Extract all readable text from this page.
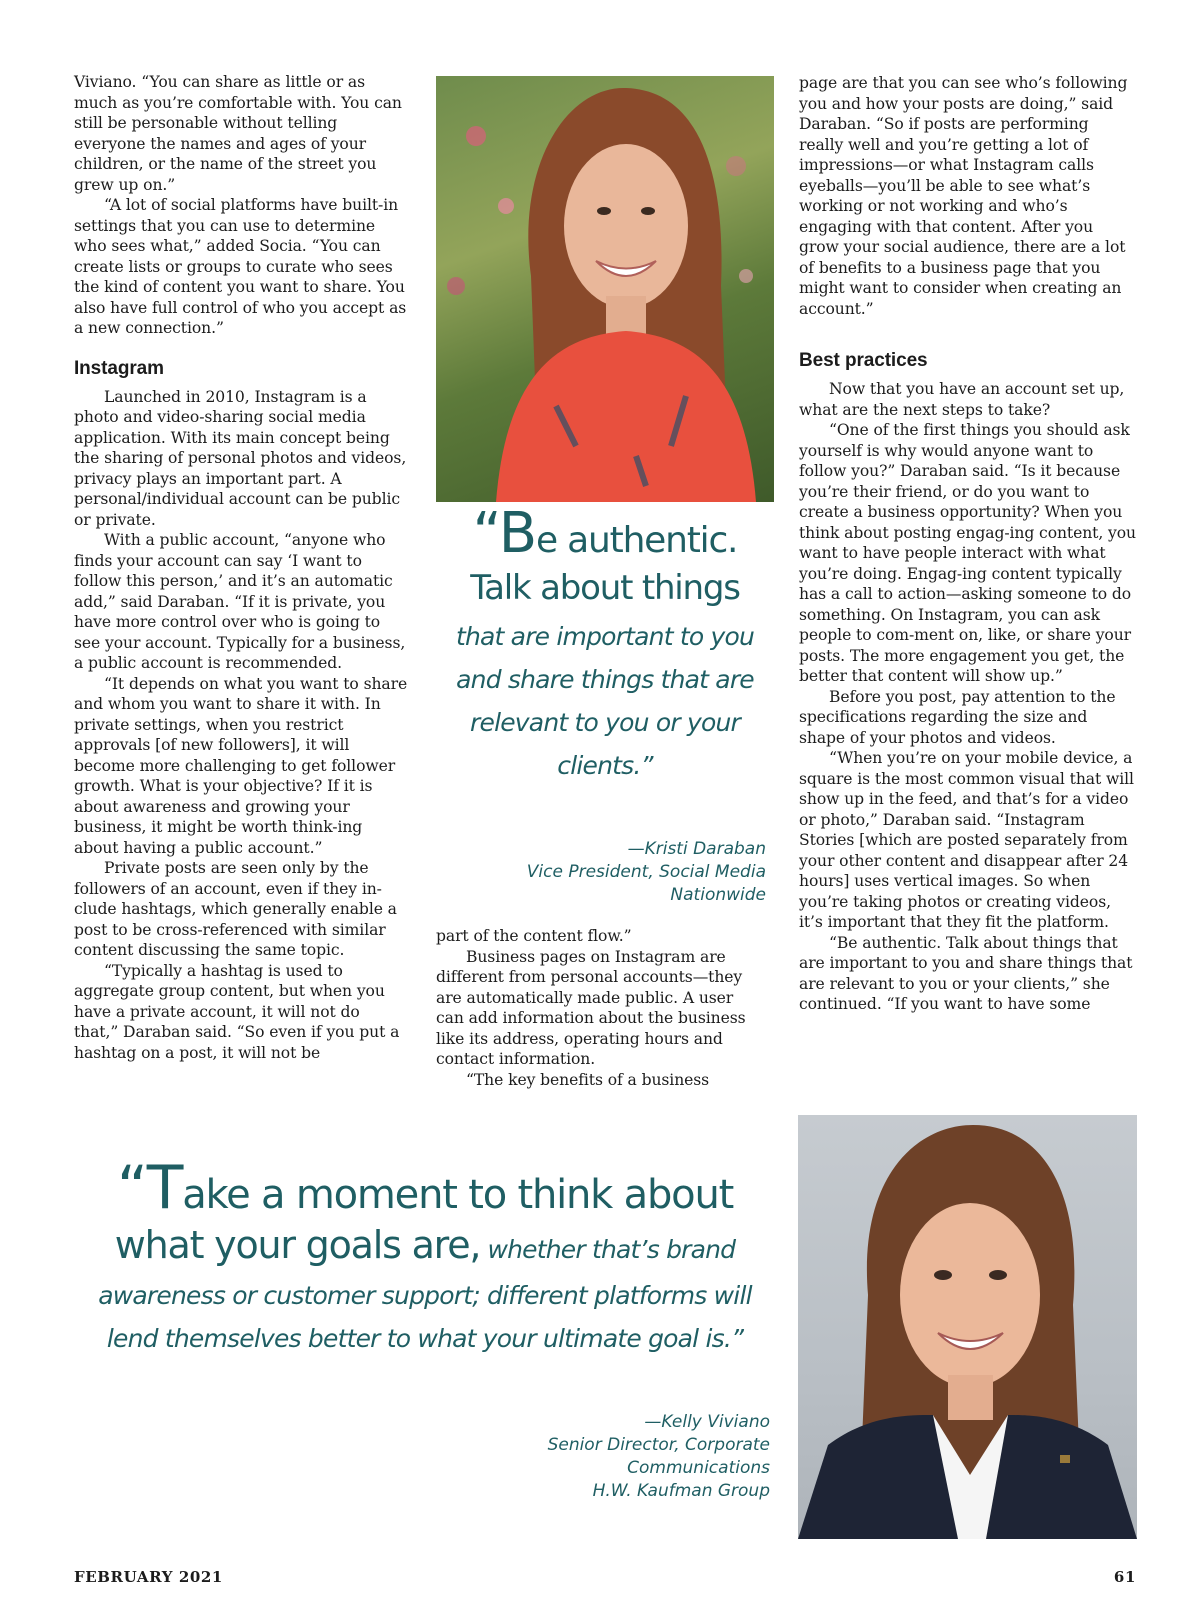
Viviano. “You can share as little or as much as you’re comfortable with. You can still be personable without telling everyone the names and ages of your children, or the name of the street you grew up on.”

“A lot of social platforms have built-in settings that you can use to determine who sees what,” added Socia. “You can create lists or groups to curate who sees the kind of content you want to share. You also have full control of who you accept as a new connection.”

Instagram

Launched in 2010, Instagram is a photo and video-sharing social media application. With its main concept being the sharing of personal photos and videos, privacy plays an important part. A personal/individual account can be public or private.

With a public account, “anyone who finds your account can say ‘I want to follow this person,’ and it’s an automatic add,” said Daraban. “If it is private, you have more control over who is going to see your account. Typically for a business, a public account is recommended.

“It depends on what you want to share and whom you want to share it with. In private settings, when you restrict approvals [of new followers], it will become more challenging to get follower growth. What is your objective? If it is about awareness and growing your business, it might be worth think-ing about having a public account.”

Private posts are seen only by the followers of an account, even if they in-clude hashtags, which generally enable a post to be cross-referenced with similar content discussing the same topic.

“Typically a hashtag is used to aggregate group content, but when you have a private account, it will not do that,” Daraban said. “So even if you put a hashtag on a post, it will not be

“Be authentic.
Talk about things
that are important to you and share things that are relevant to you or your clients.”
—Kristi Daraban
Vice President, Social Media
Nationwide

part of the content flow.”

Business pages on Instagram are different from personal accounts—they are automatically made public. A user can add information about the business like its address, operating hours and contact information.

“The key benefits of a business

page are that you can see who’s following you and how your posts are doing,” said Daraban. “So if posts are performing really well and you’re getting a lot of impressions—or what Instagram calls eyeballs—you’ll be able to see what’s working or not working and who’s engaging with that content. After you grow your social audience, there are a lot of benefits to a business page that you might want to consider when creating an account.”

Best practices

Now that you have an account set up, what are the next steps to take?

“One of the first things you should ask yourself is why would anyone want to follow you?” Daraban said. “Is it because you’re their friend, or do you want to create a business opportunity? When you think about posting engag-ing content, you want to have people interact with what you’re doing. Engag-ing content typically has a call to action—asking someone to do something. On Instagram, you can ask people to com-ment on, like, or share your posts. The more engagement you get, the better that content will show up.”

Before you post, pay attention to the specifications regarding the size and shape of your photos and videos.

“When you’re on your mobile device, a square is the most common visual that will show up in the feed, and that’s for a video or photo,” Daraban said. “Instagram Stories [which are posted separately from your other content and disappear after 24 hours] uses vertical images. So when you’re taking photos or creating videos, it’s important that they fit the platform.

“Be authentic. Talk about things that are important to you and share things that are relevant to you or your clients,” she continued. “If you want to have some

“Take a moment to think about
what your goals are, whether that’s brand
awareness or customer support; different platforms will lend themselves better to what your ultimate goal is.”
—Kelly Viviano
Senior Director, Corporate Communications
H.W. Kaufman Group
FEBRUARY 2021	61
